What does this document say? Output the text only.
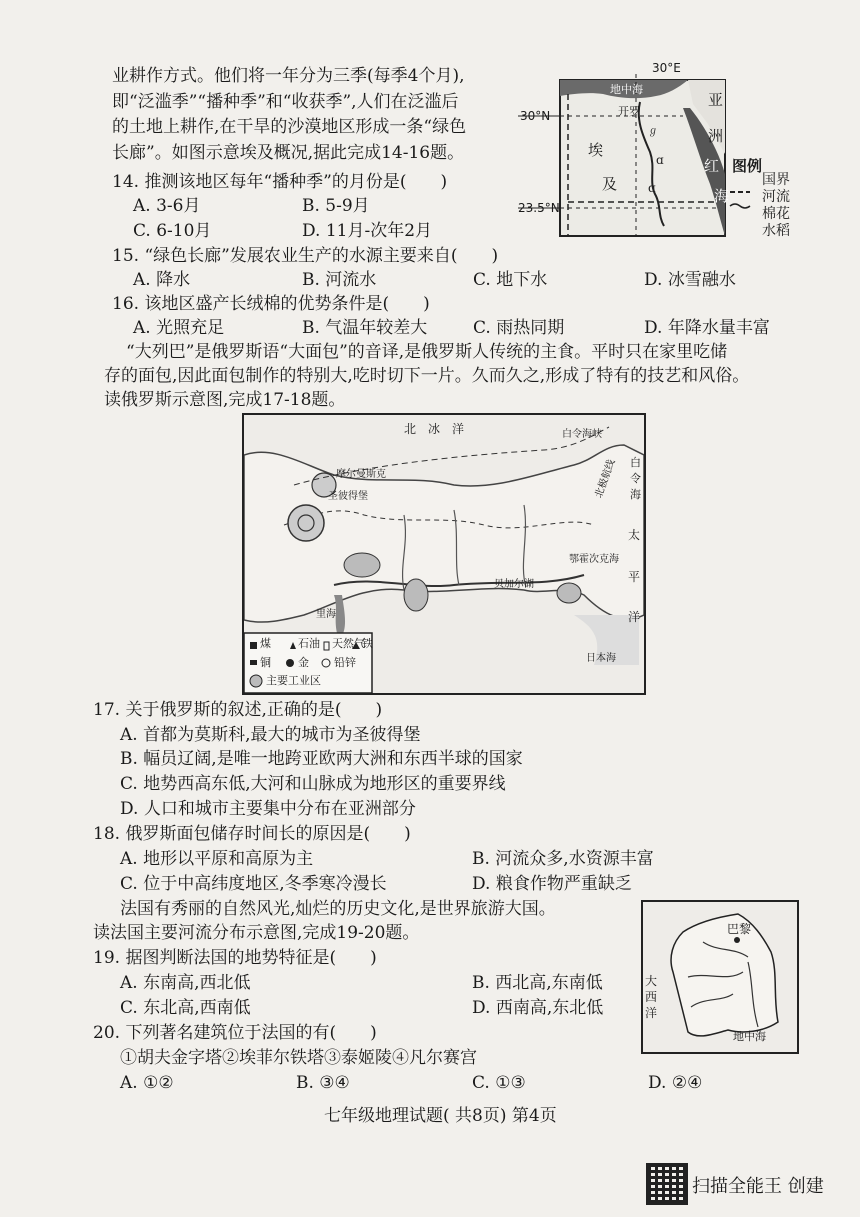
业耕作方式。他们将一年分为三季(每季4个月),
即“泛滥季”“播种季”和“收获季”,人们在泛滥后
的土地上耕作,在干旱的沙漠地区形成一条“绿色
长廊”。如图示意埃及概况,据此完成14-16题。
14. 推测该地区每年“播种季”的月份是(　　)
A. 3-6月	B. 5-9月
C. 6-10月	D. 11月-次年2月
15. “绿色长廊”发展农业生产的水源主要来自(　　)
A. 降水	B. 河流水	C. 地下水	D. 冰雪融水
16. 该地区盛产长绒棉的优势条件是(　　)
A. 光照充足	B. 气温年较差大	C. 雨热同期	D. 年降水量丰富
ℊ
ɑ
ɑ
30°E
30°N
23.5°N
地中海
开罗
埃
及
亚
洲
红
海
图例
国界
河流
棉花
水稻
“大列巴”是俄罗斯语“大面包”的音译,是俄罗斯人传统的主食。平时只在家里吃储
存的面包,因此面包制作的特别大,吃时切下一片。久而久之,形成了特有的技艺和风俗。
读俄罗斯示意图,完成17-18题。
北　冰　洋	白令海峡
白
令
海
太
平
洋
摩尔曼斯克
圣彼得堡
鄂霍次克海
日本海
里海
贝加尔湖
北极航线
煤 石油 天然气
铁
铜 金 铅锌
主要工业区
17. 关于俄罗斯的叙述,正确的是(　　)
A. 首都为莫斯科,最大的城市为圣彼得堡
B. 幅员辽阔,是唯一地跨亚欧两大洲和东西半球的国家
C. 地势西高东低,大河和山脉成为地形区的重要界线
D. 人口和城市主要集中分布在亚洲部分
18. 俄罗斯面包储存时间长的原因是(　　)
A. 地形以平原和高原为主	B. 河流众多,水资源丰富
C. 位于中高纬度地区,冬季寒冷漫长	D. 粮食作物严重缺乏
法国有秀丽的自然风光,灿烂的历史文化,是世界旅游大国。
读法国主要河流分布示意图,完成19-20题。
19. 据图判断法国的地势特征是(　　)
A. 东南高,西北低	B. 西北高,东南低
C. 东北高,西南低	D. 西南高,东北低
20. 下列著名建筑位于法国的有(　　)
①胡夫金字塔②埃菲尔铁塔③泰姬陵④凡尔赛宫
A. ①②	B. ③④	C. ①③	D. ②④
巴黎
大
西
洋
地中海
七年级地理试题( 共8页) 第4页
扫描全能王 创建
